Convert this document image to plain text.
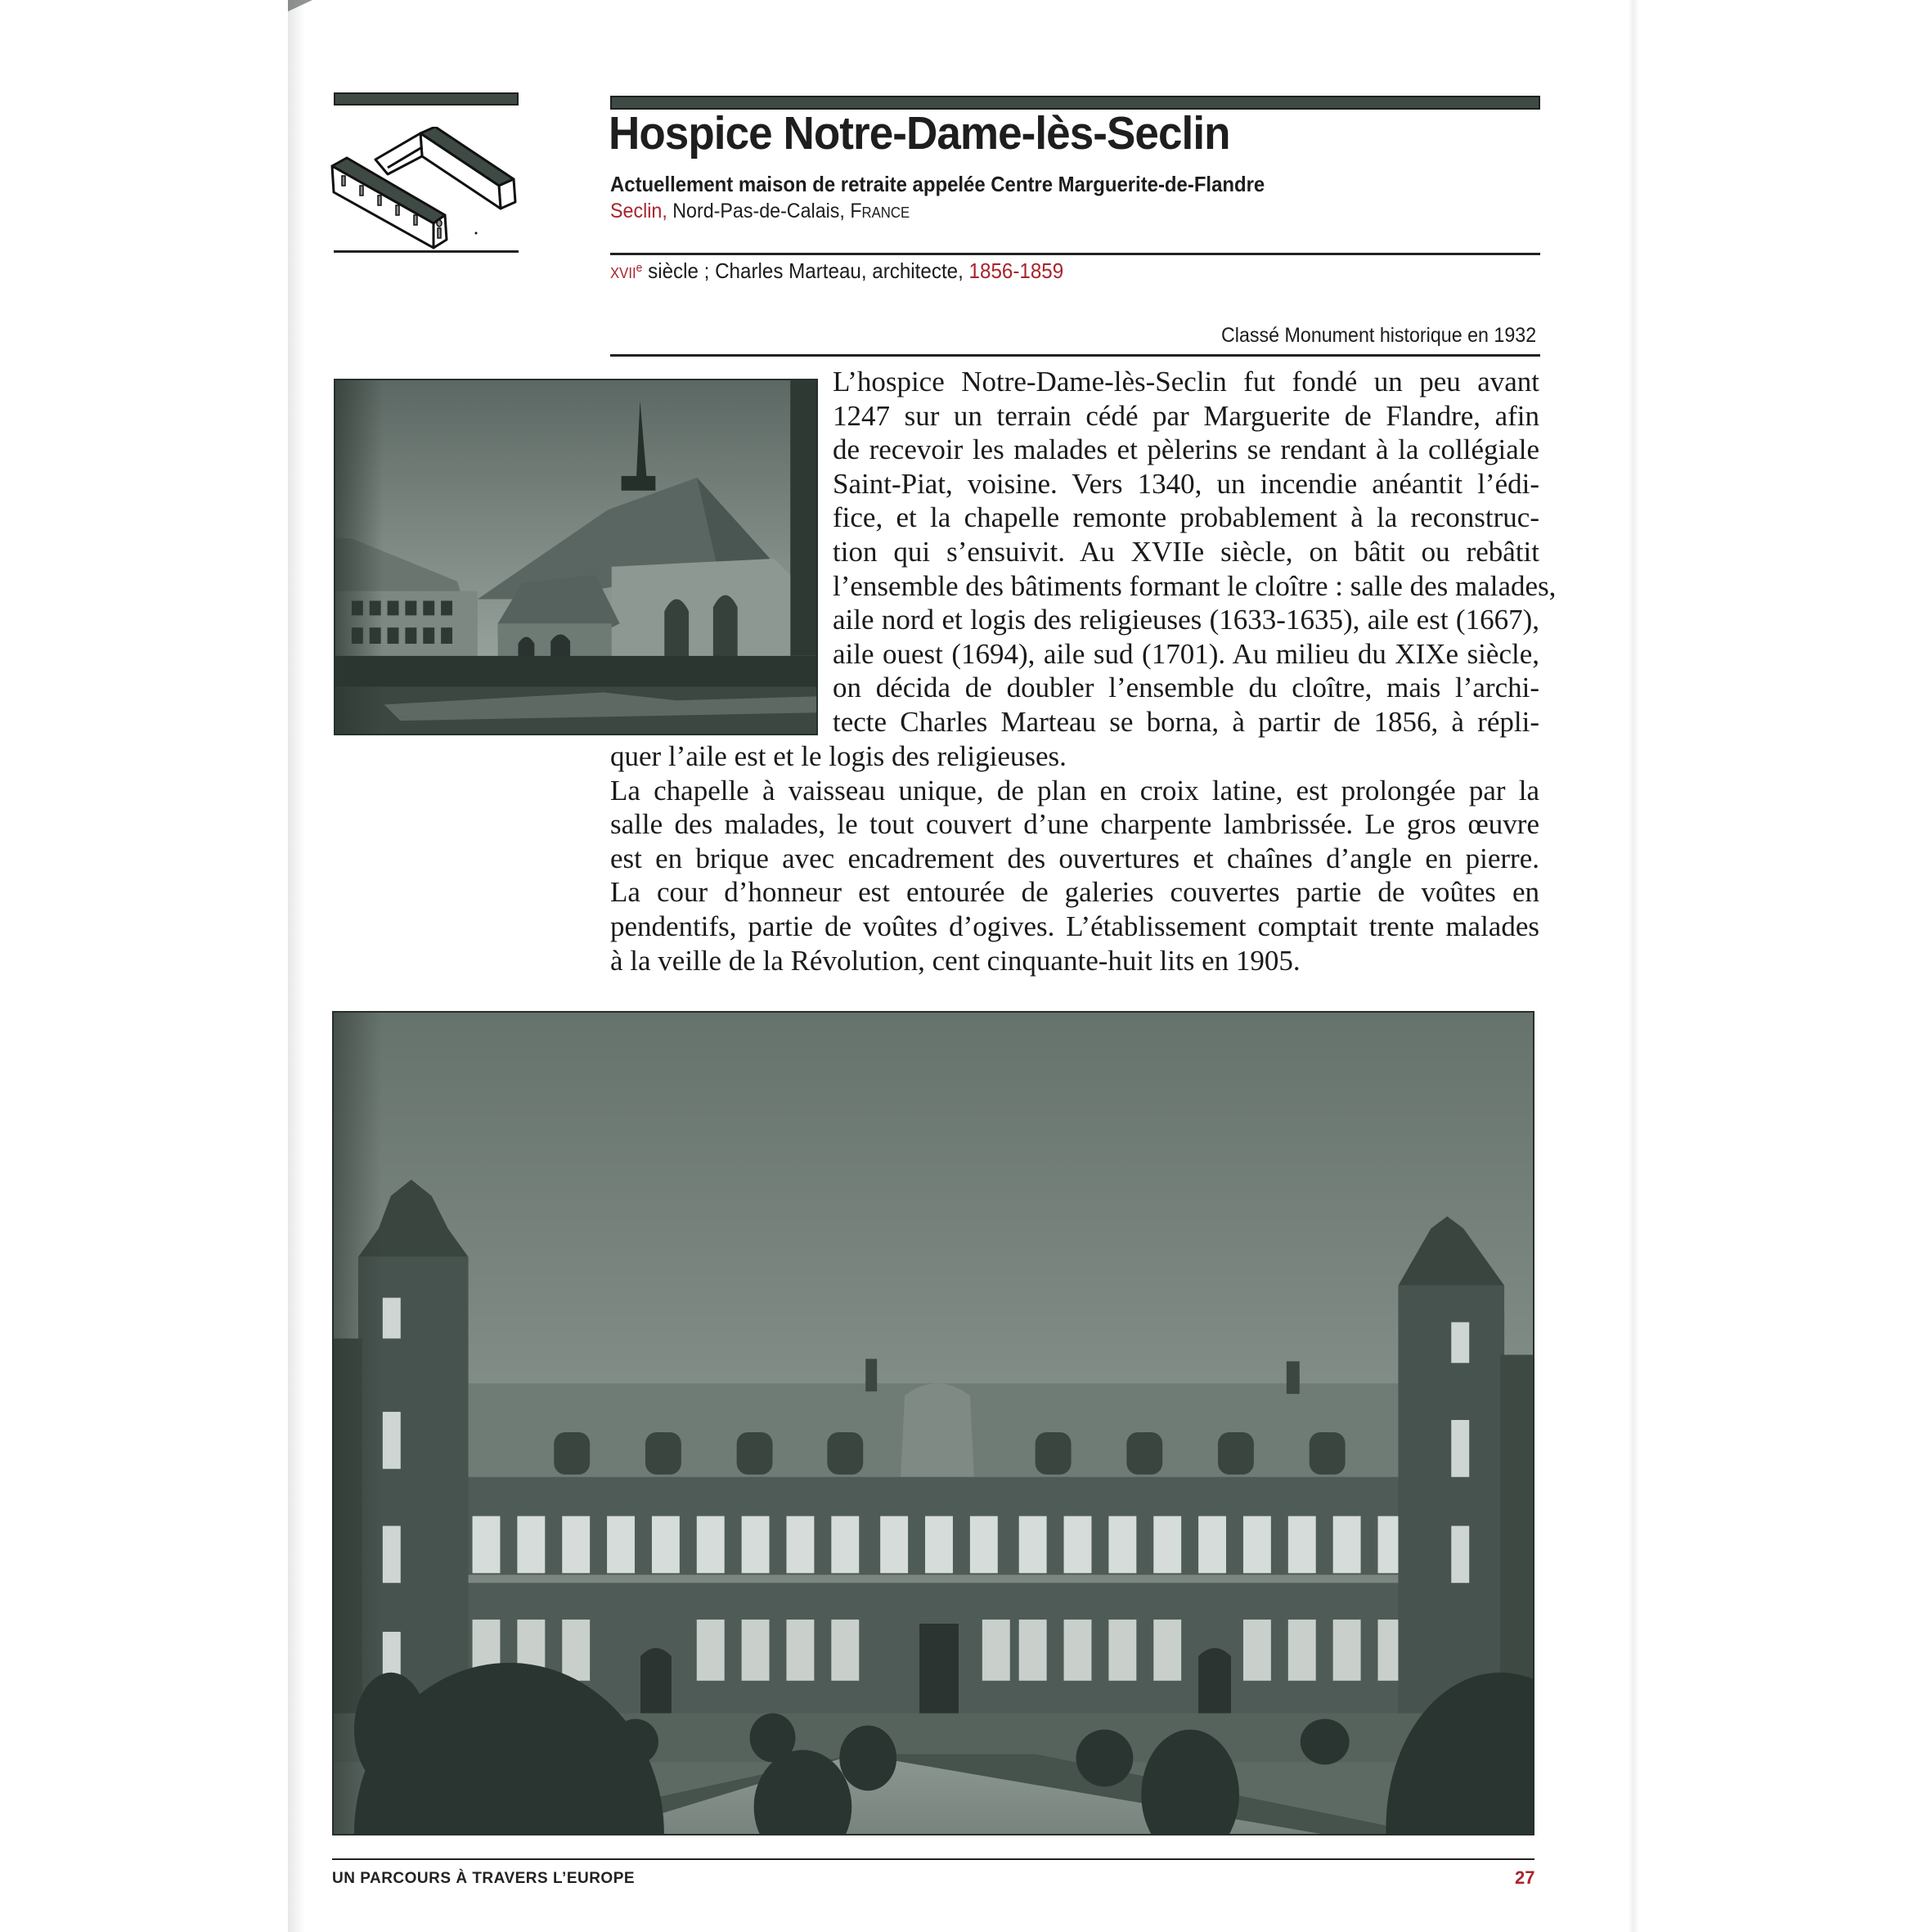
Hospice Notre-Dame-lès-Seclin
Actuellement maison de retraite appelée Centre Marguerite-de-Flandre
Seclin, Nord-Pas-de-Calais, France
XVIIe siècle ; Charles Marteau, architecte, 1856-1859
Classé Monument historique en 1932
L’hospice Notre-Dame-lès-Seclin fut fondé un peu avant
1247 sur un terrain cédé par Marguerite de Flandre, afin
de recevoir les malades et pèlerins se rendant à la collégiale
Saint-Piat, voisine. Vers 1340, un incendie anéantit l’édi-
fice, et la chapelle remonte probablement à la reconstruc-
tion qui s’ensuivit. Au XVIIe siècle, on bâtit ou rebâtit
l’ensemble des bâtiments formant le cloître : salle des malades,
aile nord et logis des religieuses (1633-1635), aile est (1667),
aile ouest (1694), aile sud (1701). Au milieu du XIXe siècle,
on décida de doubler l’ensemble du cloître, mais l’archi-
tecte Charles Marteau se borna, à partir de 1856, à répli-
quer l’aile est et le logis des religieuses.
La chapelle à vaisseau unique, de plan en croix latine, est prolongée par la
salle des malades, le tout couvert d’une charpente lambrissée. Le gros œuvre
est en brique avec encadrement des ouvertures et chaînes d’angle en pierre.
La cour d’honneur est entourée de galeries couvertes partie de voûtes en
pendentifs, partie de voûtes d’ogives. L’établissement comptait trente malades
à la veille de la Révolution, cent cinquante-huit lits en 1905.
UN PARCOURS À TRAVERS L’EUROPE	27
